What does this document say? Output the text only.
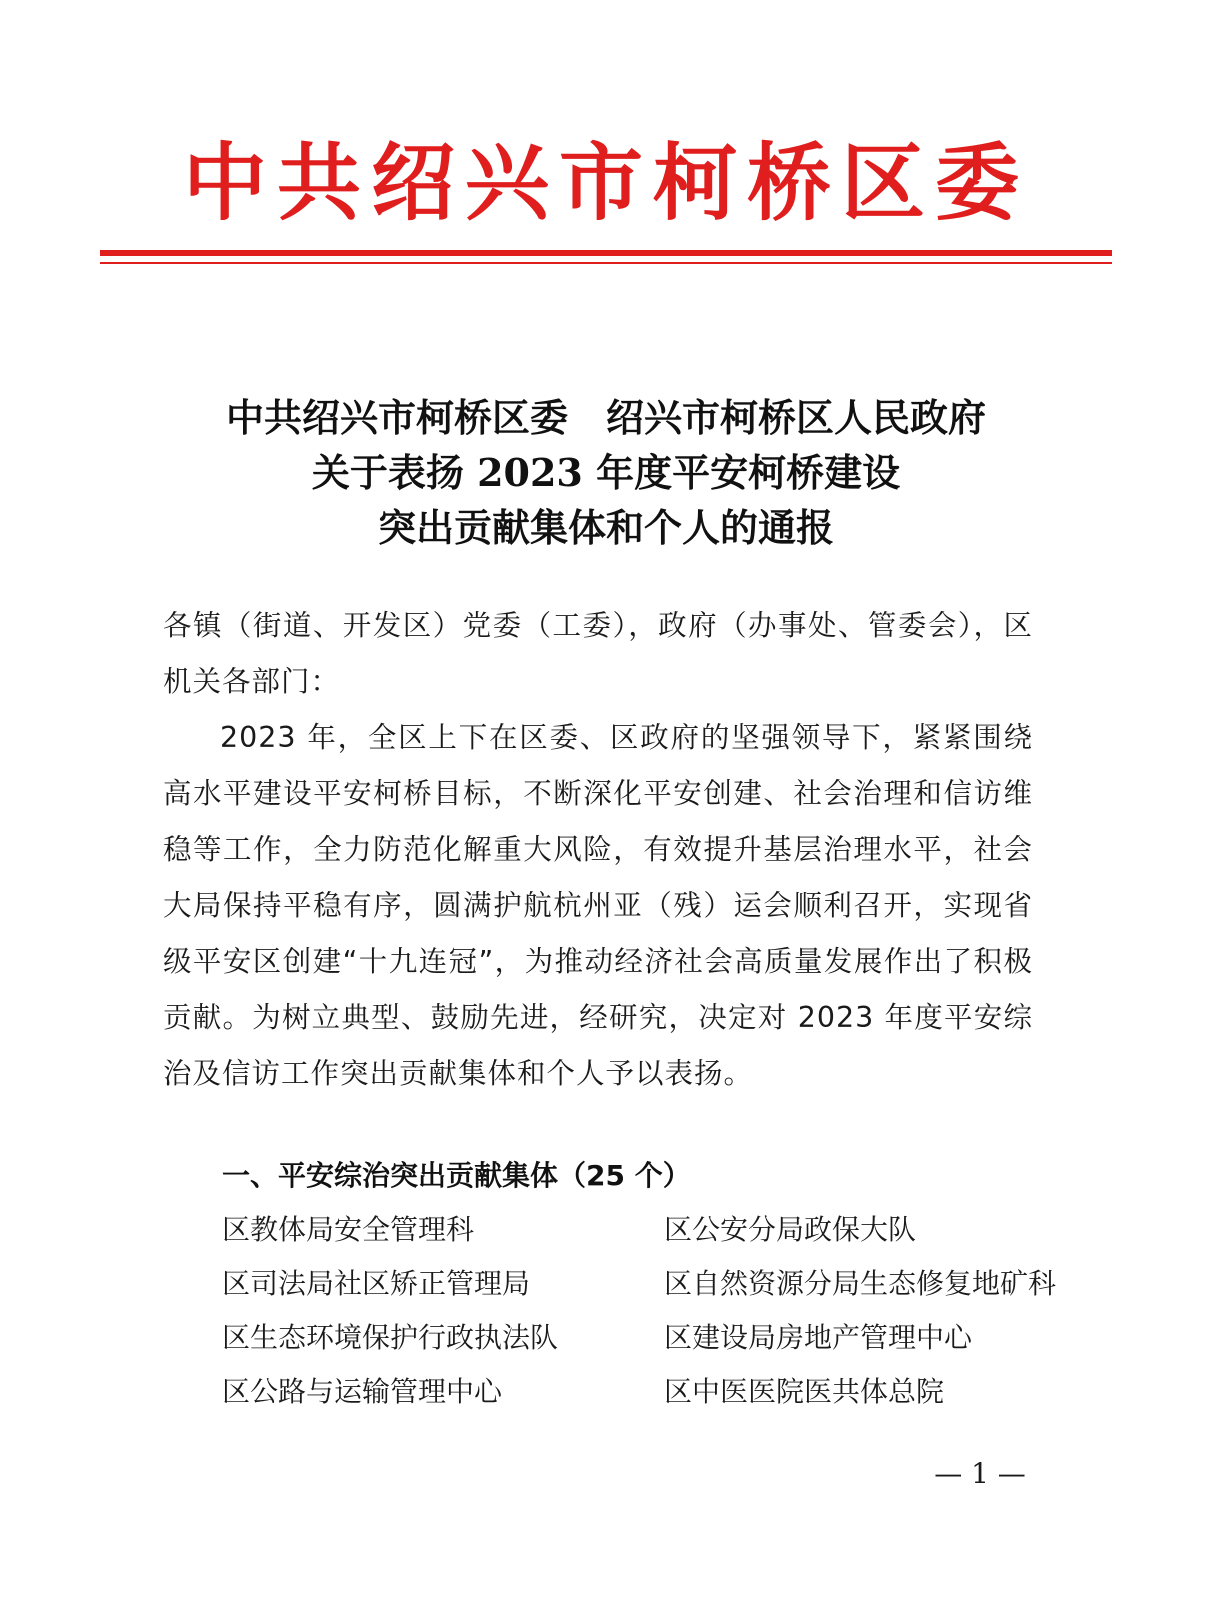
中共绍兴市柯桥区委
中共绍兴市柯桥区委　绍兴市柯桥区人民政府
关于表扬 2023 年度平安柯桥建设
突出贡献集体和个人的通报

各镇（街道、开发区）党委（工委），政府（办事处、管委会），区机关各部门：

2023 年，全区上下在区委、区政府的坚强领导下，紧紧围绕高水平建设平安柯桥目标，不断深化平安创建、社会治理和信访维稳等工作，全力防范化解重大风险，有效提升基层治理水平，社会大局保持平稳有序，圆满护航杭州亚（残）运会顺利召开，实现省级平安区创建“十九连冠”，为推动经济社会高质量发展作出了积极贡献。为树立典型、鼓励先进，经研究，决定对 2023 年度平安综治及信访工作突出贡献集体和个人予以表扬。

一、平安综治突出贡献集体（25 个）
区教体局安全管理科	区公安分局政保大队
区司法局社区矫正管理局	区自然资源分局生态修复地矿科
区生态环境保护行政执法队	区建设局房地产管理中心
区公路与运输管理中心	区中医医院医共体总院
— 1 —
